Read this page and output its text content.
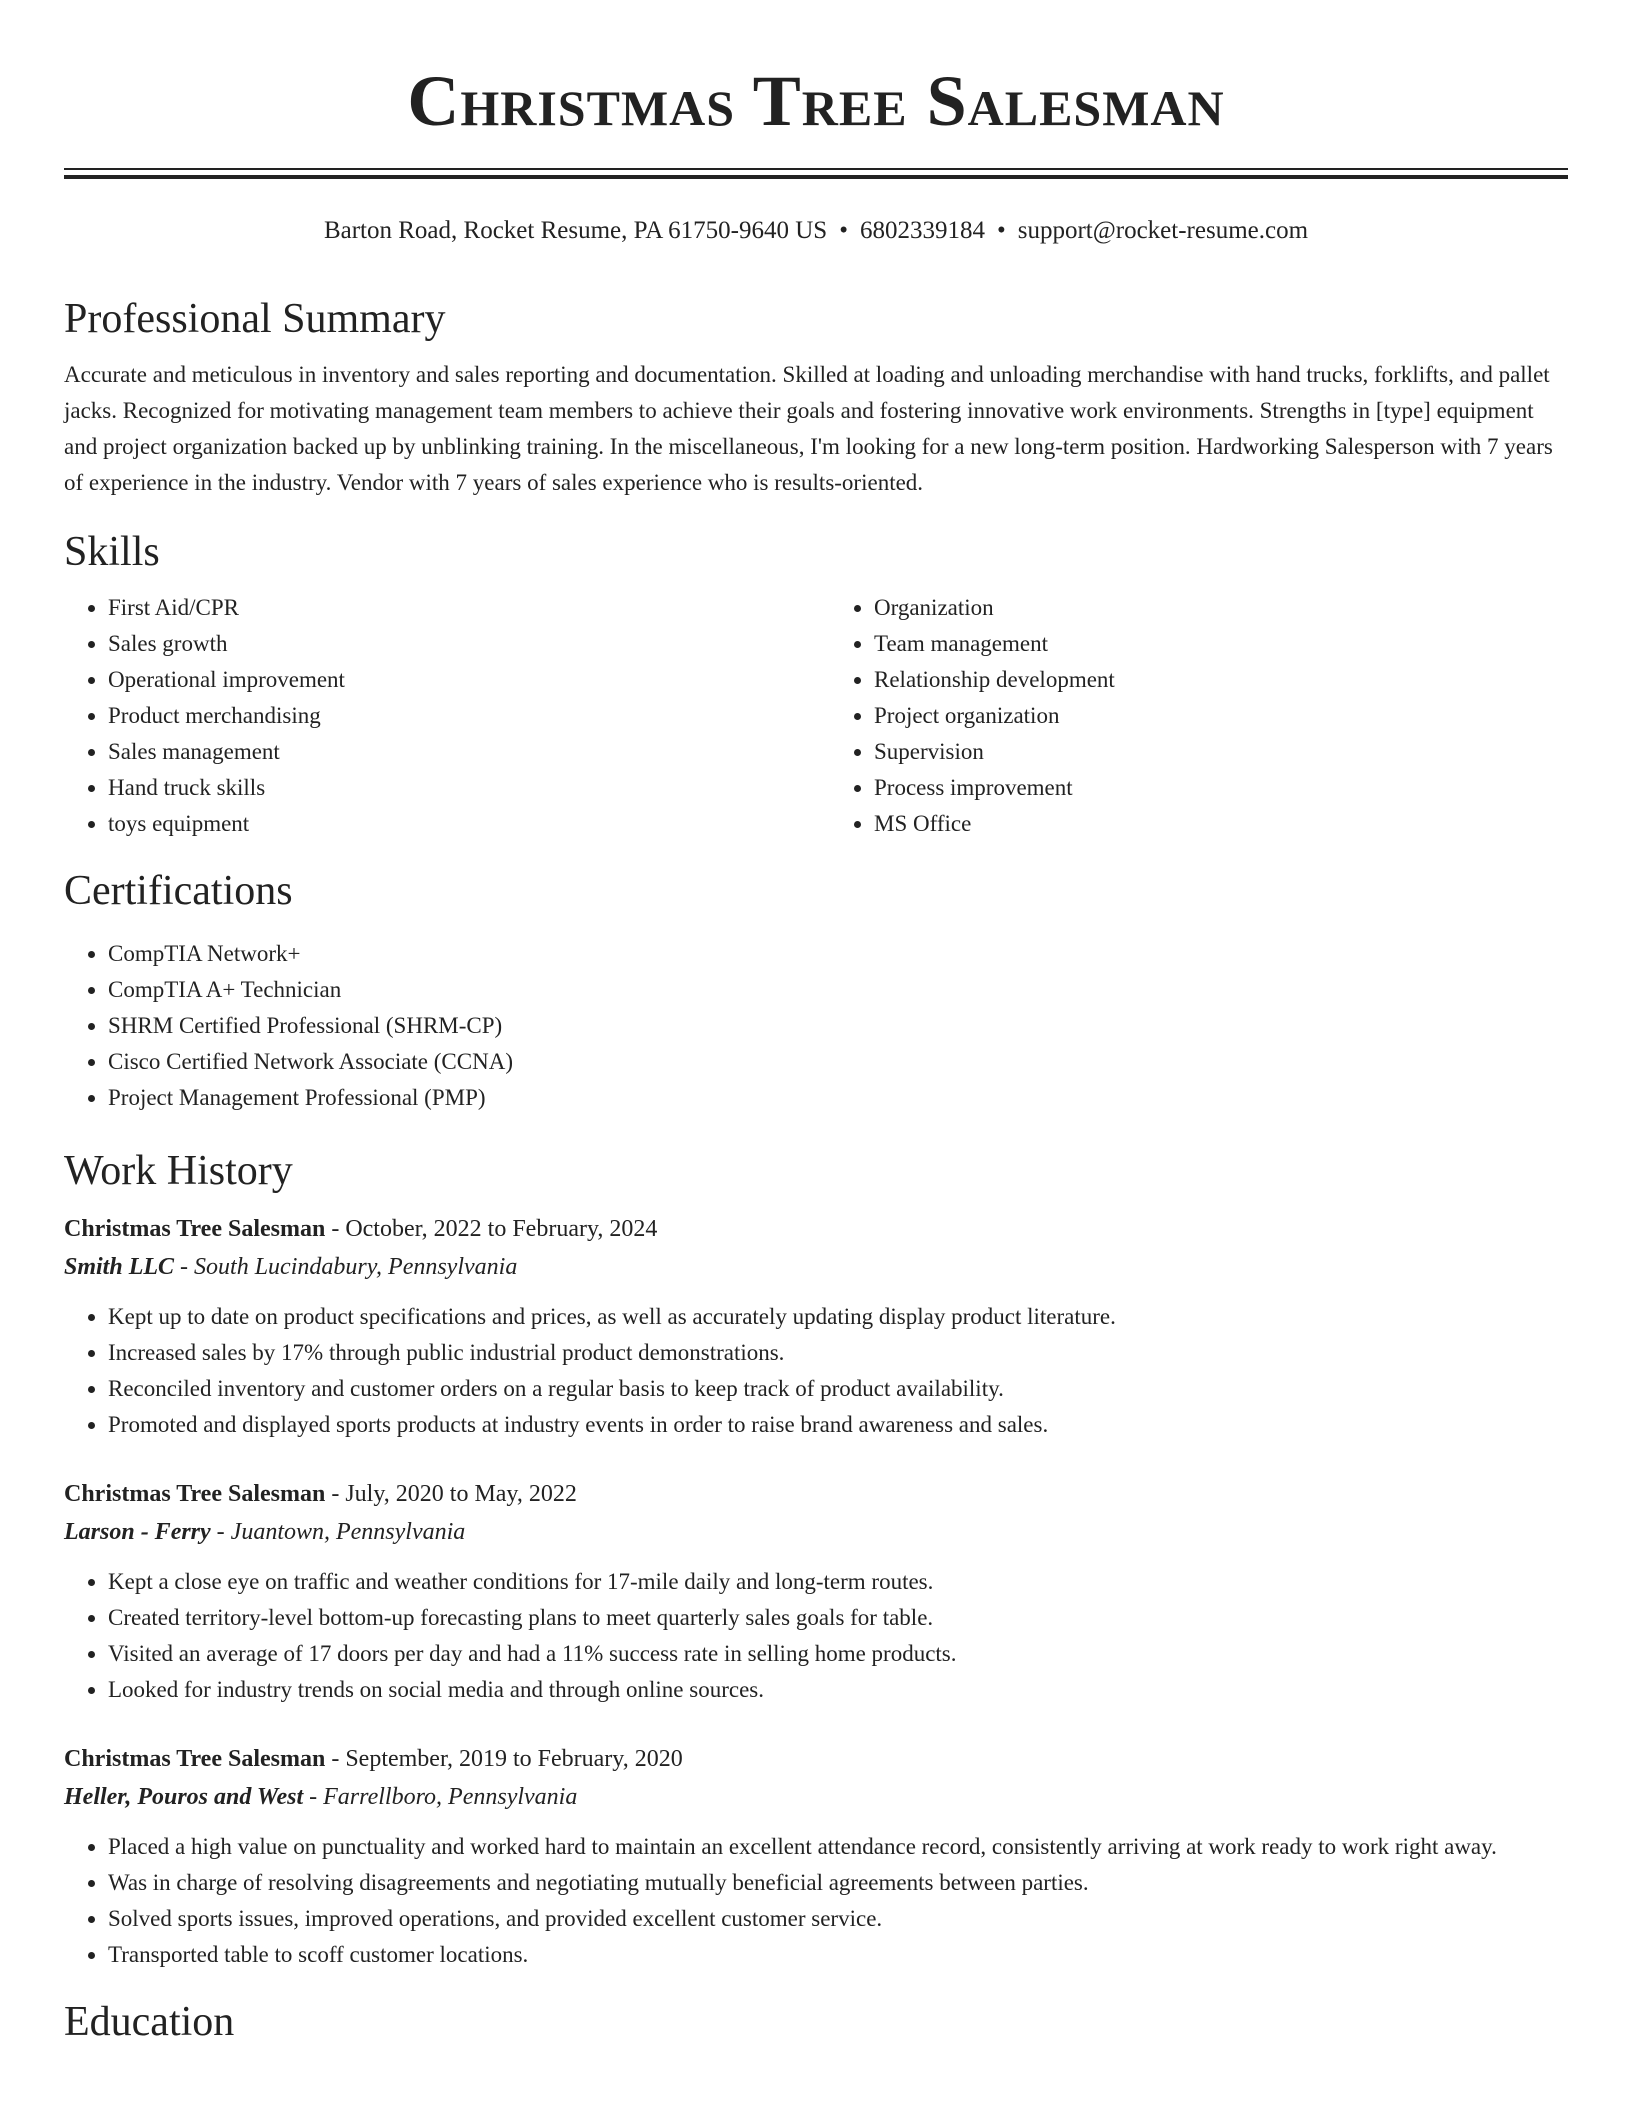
Christmas Tree Salesman
Barton Road, Rocket Resume, PA 61750-9640 US • 6802339184 • support@rocket-resume.com
Professional Summary

Accurate and meticulous in inventory and sales reporting and documentation. Skilled at loading and unloading merchandise with hand trucks, forklifts, and pallet jacks. Recognized for motivating management team members to achieve their goals and fostering innovative work environments. Strengths in [type] equipment and project organization backed up by unblinking training. In the miscellaneous, I'm looking for a new long-term position. Hardworking Salesperson with 7 years of experience in the industry. Vendor with 7 years of sales experience who is results-oriented.

Skills
• First Aid/CPR
• Sales growth
• Operational improvement
• Product merchandising
• Sales management
• Hand truck skills
• toys equipment
• Organization
• Team management
• Relationship development
• Project organization
• Supervision
• Process improvement
• MS Office
Certifications
• CompTIA Network+
• CompTIA A+ Technician
• SHRM Certified Professional (SHRM-CP)
• Cisco Certified Network Associate (CCNA)
• Project Management Professional (PMP)
Work History

Christmas Tree Salesman - October, 2022 to February, 2024

Smith LLC - South Lucindabury, Pennsylvania

• Kept up to date on product specifications and prices, as well as accurately updating display product literature.
• Increased sales by 17% through public industrial product demonstrations.
• Reconciled inventory and customer orders on a regular basis to keep track of product availability.
• Promoted and displayed sports products at industry events in order to raise brand awareness and sales.

Christmas Tree Salesman - July, 2020 to May, 2022

Larson - Ferry - Juantown, Pennsylvania

• Kept a close eye on traffic and weather conditions for 17-mile daily and long-term routes.
• Created territory-level bottom-up forecasting plans to meet quarterly sales goals for table.
• Visited an average of 17 doors per day and had a 11% success rate in selling home products.
• Looked for industry trends on social media and through online sources.

Christmas Tree Salesman - September, 2019 to February, 2020

Heller, Pouros and West - Farrellboro, Pennsylvania

• Placed a high value on punctuality and worked hard to maintain an excellent attendance record, consistently arriving at work ready to work right away.
• Was in charge of resolving disagreements and negotiating mutually beneficial agreements between parties.
• Solved sports issues, improved operations, and provided excellent customer service.
• Transported table to scoff customer locations.
Education
